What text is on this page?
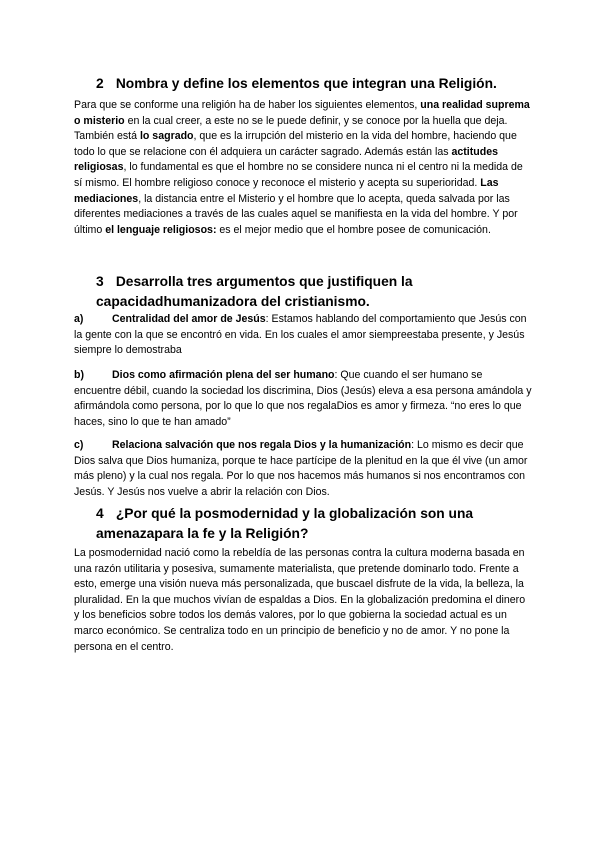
2 Nombra y define los elementos que integran una Religión.

Para que se conforme una religión ha de haber los siguientes elementos, una realidad suprema o misterio en la cual creer, a este no se le puede definir, y se conoce por la huella que deja. También está lo sagrado, que es la irrupción del misterio en la vida del hombre, haciendo que todo lo que se relacione con él adquiera un carácter sagrado. Además están las actitudes religiosas, lo fundamental es que el hombre no se considere nunca ni el centro ni la medida de sí mismo. El hombre religioso conoce y reconoce el misterio y acepta su superioridad. Las mediaciones, la distancia entre el Misterio y el hombre que lo acepta, queda salvada por las diferentes mediaciones a través de las cuales aquel se manifiesta en la vida del hombre. Y por último el lenguaje religiosos: es el mejor medio que el hombre posee de comunicación.

3 Desarrolla tres argumentos que justifiquen la capacidadhumanizadora del cristianismo.

a)	Centralidad del amor de Jesús: Estamos hablando del comportamiento que Jesús con la gente con la que se encontró en vida. En los cuales el amor siempreestaba presente, y Jesús siempre lo demostraba

b)	Dios como afirmación plena del ser humano: Que cuando el ser humano se encuentre débil, cuando la sociedad los discrimina, Dios (Jesús) eleva a esa persona amándola y afirmándola como persona, por lo que lo que nos regalaDios es amor y firmeza. “no eres lo que haces, sino lo que te han amado”

c)	Relaciona salvación que nos regala Dios y la humanización: Lo mismo es decir que Dios salva que Dios humaniza, porque te hace partícipe de la plenitud en la que él vive (un amor más pleno) y la cual nos regala. Por lo que nos hacemos más humanos si nos encontramos con Jesús. Y Jesús nos vuelve a abrir la relación con Dios.

4 ¿Por qué la posmodernidad y la globalización son una amenazapara la fe y la Religión?

La posmodernidad nació como la rebeldía de las personas contra la cultura moderna basada en una razón utilitaria y posesiva, sumamente materialista, que pretende dominarlo todo. Frente a esto, emerge una visión nueva más personalizada, que buscael disfrute de la vida, la belleza, la pluralidad. En la que muchos vivían de espaldas a Dios. En la globalización predomina el dinero y los beneficios sobre todos los demás valores, por lo que gobierna la sociedad actual es un marco económico. Se centraliza todo en un principio de beneficio y no de amor. Y no pone la persona en el centro.
